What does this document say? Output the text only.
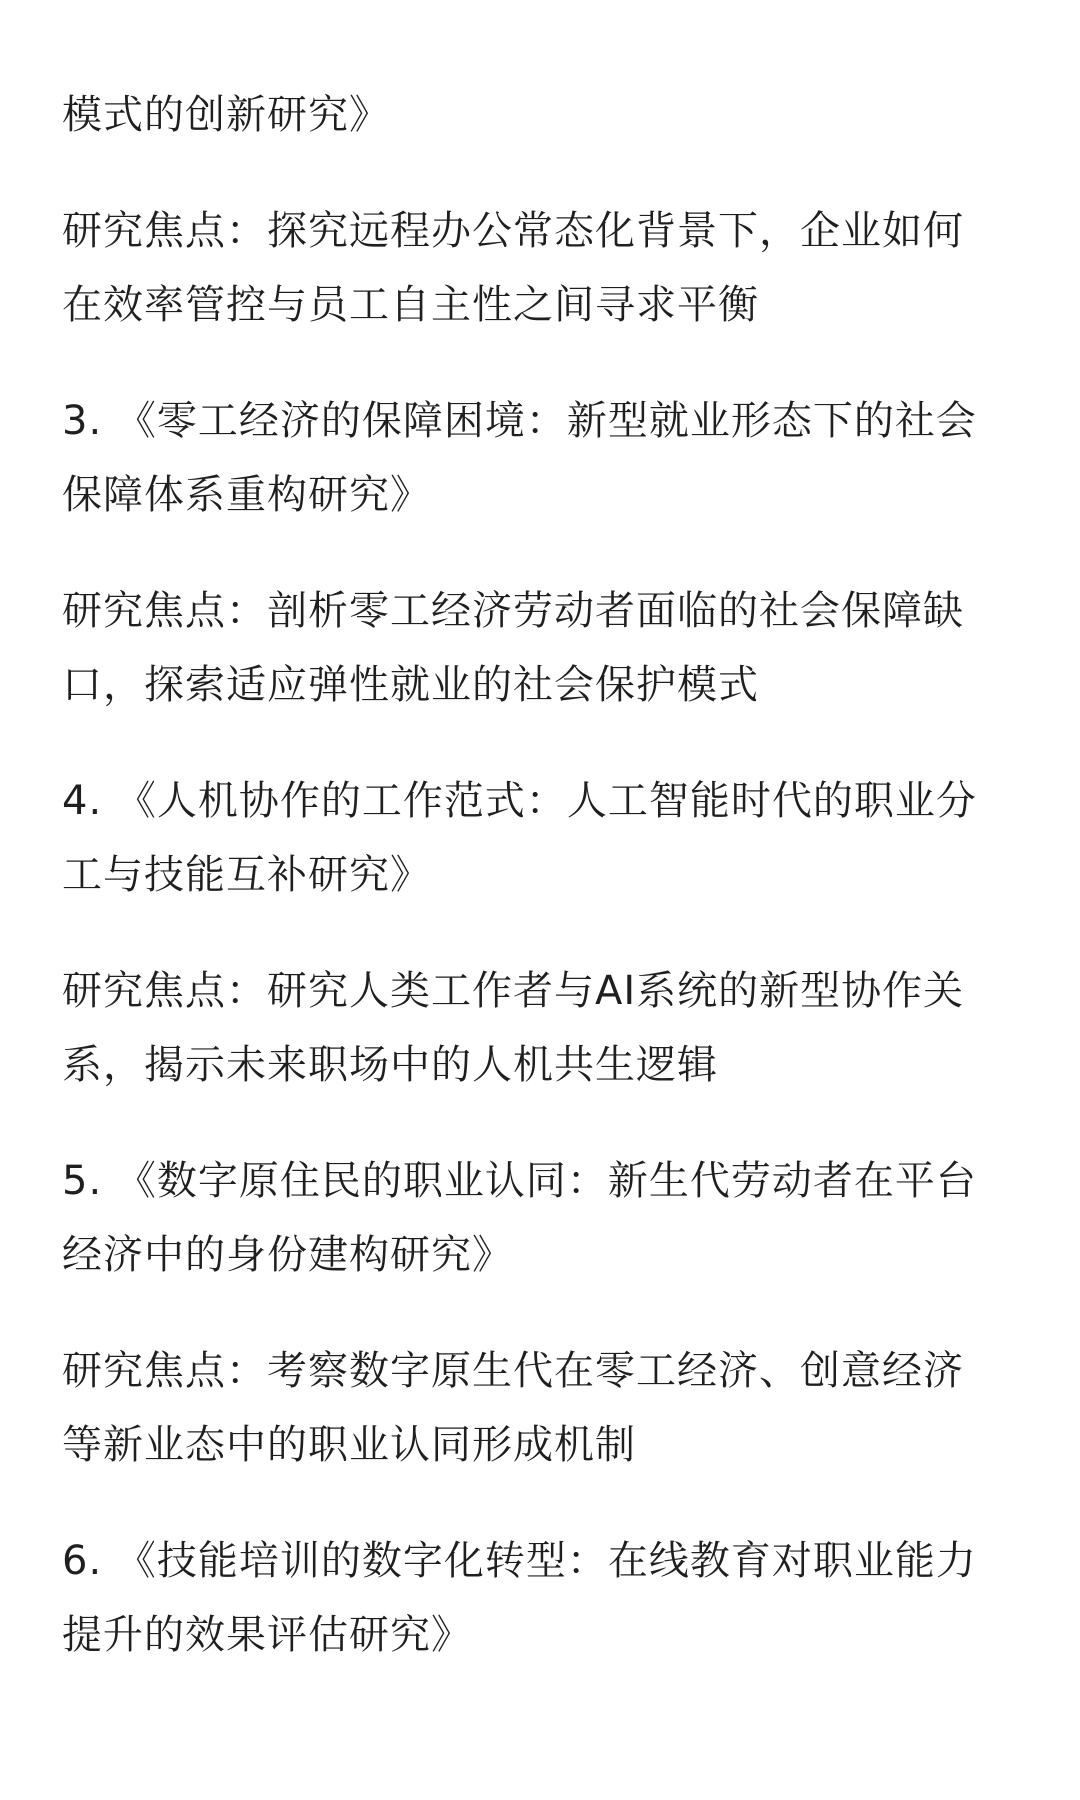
模式的创新研究》

研究焦点：探究远程办公常态化背景下，企业如何
在效率管控与员工自主性之间寻求平衡

3. 《零工经济的保障困境：新型就业形态下的社会
保障体系重构研究》

研究焦点：剖析零工经济劳动者面临的社会保障缺
口，探索适应弹性就业的社会保护模式

4. 《人机协作的工作范式：人工智能时代的职业分
工与技能互补研究》

研究焦点：研究人类工作者与AI系统的新型协作关
系，揭示未来职场中的人机共生逻辑

5. 《数字原住民的职业认同：新生代劳动者在平台
经济中的身份建构研究》

研究焦点：考察数字原生代在零工经济、创意经济
等新业态中的职业认同形成机制

6. 《技能培训的数字化转型：在线教育对职业能力
提升的效果评估研究》
